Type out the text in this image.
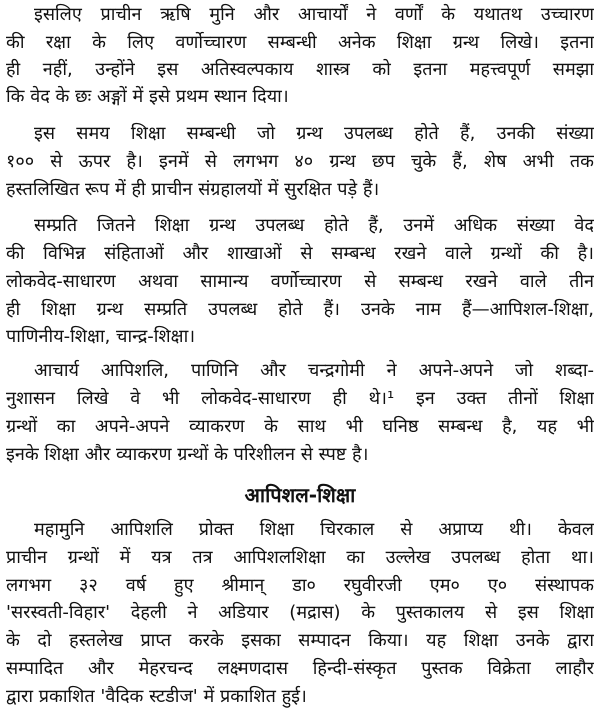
इसलिए प्राचीन ऋषि मुनि और आचार्यों ने वर्णों के यथातथ उच्चारण
की रक्षा के लिए वर्णोच्चारण सम्बन्धी अनेक शिक्षा ग्रन्थ लिखे। इतना
ही नहीं, उन्होंने इस अतिस्वल्पकाय शास्त्र को इतना महत्त्वपूर्ण समझा
कि वेद के छः अङ्गों में इसे प्रथम स्थान दिया।
इस समय शिक्षा सम्बन्धी जो ग्रन्थ उपलब्ध होते हैं, उनकी संख्या
१०० से ऊपर है। इनमें से लगभग ४० ग्रन्थ छप चुके हैं, शेष अभी तक
हस्तलिखित रूप में ही प्राचीन संग्रहालयों में सुरक्षित पड़े हैं।
सम्प्रति जितने शिक्षा ग्रन्थ उपलब्ध होते हैं, उनमें अधिक संख्या वेद
की विभिन्न संहिताओं और शाखाओं से सम्बन्ध रखने वाले ग्रन्थों की है।
लोकवेद-साधारण अथवा सामान्य वर्णोच्चारण से सम्बन्ध रखने वाले तीन
ही शिक्षा ग्रन्थ सम्प्रति उपलब्ध होते हैं। उनके नाम हैं—आपिशल-शिक्षा,
पाणिनीय-शिक्षा, चान्द्र-शिक्षा।
आचार्य आपिशलि, पाणिनि और चन्द्रगोमी ने अपने-अपने जो शब्दा-
नुशासन लिखे वे भी लोकवेद-साधारण ही थे।¹ इन उक्त तीनों शिक्षा
ग्रन्थों का अपने-अपने व्याकरण के साथ भी घनिष्ठ सम्बन्ध है, यह भी
इनके शिक्षा और व्याकरण ग्रन्थों के परिशीलन से स्पष्ट है।
आपिशल-शिक्षा
महामुनि आपिशलि प्रोक्त शिक्षा चिरकाल से अप्राप्य थी। केवल
प्राचीन ग्रन्थों में यत्र तत्र आपिशलशिक्षा का उल्लेख उपलब्ध होता था।
लगभग ३२ वर्ष हुए श्रीमान् डा० रघुवीरजी एम० ए० संस्थापक
'सरस्वती-विहार' देहली ने अडियार (मद्रास) के पुस्तकालय से इस शिक्षा
के दो हस्तलेख प्राप्त करके इसका सम्पादन किया। यह शिक्षा उनके द्वारा
सम्पादित और मेहरचन्द लक्ष्मणदास हिन्दी-संस्कृत पुस्तक विक्रेता लाहौर
द्वारा प्रकाशित 'वैदिक स्टडीज' में प्रकाशित हुई।
